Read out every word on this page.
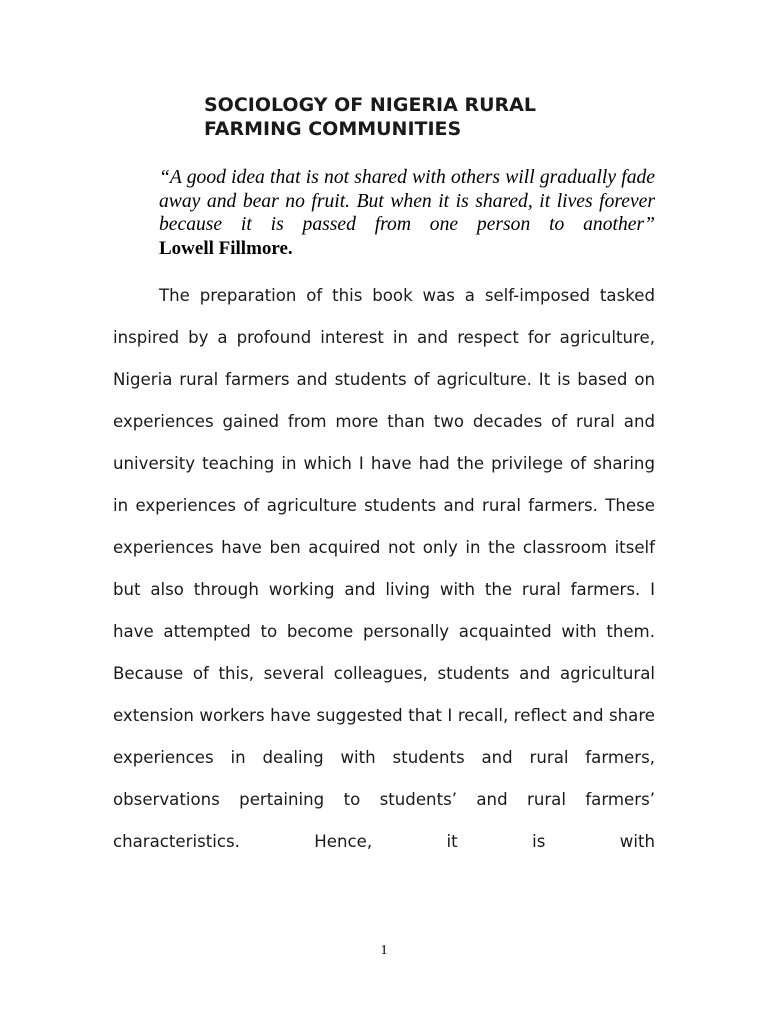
SOCIOLOGY OF NIGERIA RURAL
FARMING COMMUNITIES

“A good idea that is not shared with others will gradually fade away and bear no fruit. But when it is shared, it lives forever because it is passed from one person to another”

Lowell Fillmore.

The preparation of this book was a self-imposed tasked inspired by a profound interest in and respect for agriculture, Nigeria rural farmers and students of agriculture. It is based on experiences gained from more than two decades of rural and university teaching in which I have had the privilege of sharing in experiences of agriculture students and rural farmers. These experiences have ben acquired not only in the classroom itself but also through working and living with the rural farmers. I have attempted to become personally acquainted with them. Because of this, several colleagues, students and agricultural extension workers have suggested that I recall, reflect and share experiences in dealing with students and rural farmers, observations pertaining to students’ and rural farmers’ characteristics. Hence, it is with

1
